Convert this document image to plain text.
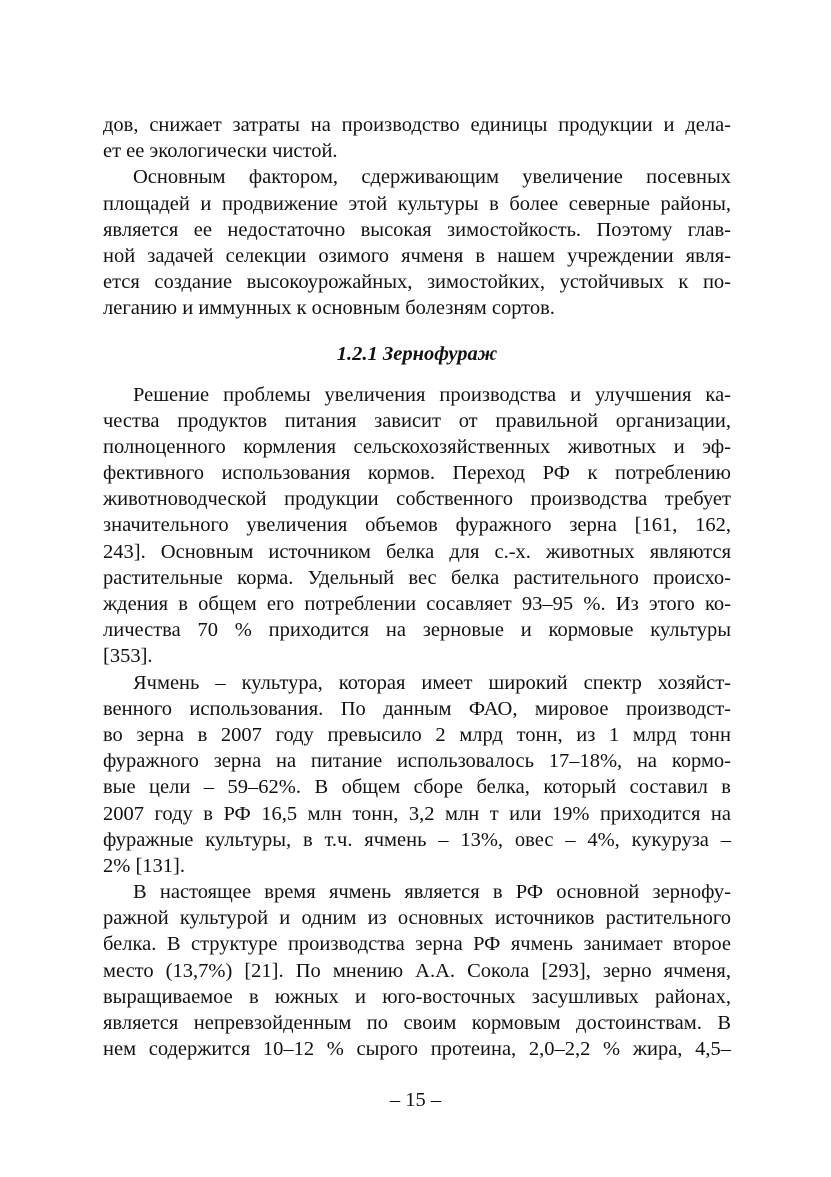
дов, снижает затраты на производство единицы продукции и дела-
ет ее экологически чистой.
Основным фактором, сдерживающим увеличение посевных
площадей и продвижение этой культуры в более северные районы,
является ее недостаточно высокая зимостойкость. Поэтому глав-
ной задачей селекции озимого ячменя в нашем учреждении явля-
ется создание высокоурожайных, зимостойких, устойчивых к по-
леганию и иммунных к основным болезням сортов.
1.2.1 Зернофураж
Решение проблемы увеличения производства и улучшения ка-
чества продуктов питания зависит от правильной организации,
полноценного кормления сельскохозяйственных животных и эф-
фективного использования кормов. Переход РФ к потреблению
животноводческой продукции собственного производства требует
значительного увеличения объемов фуражного зерна [161, 162,
243]. Основным источником белка для с.-х. животных являются
растительные корма. Удельный вес белка растительного происхо-
ждения в общем его потреблении сосавляет 93–95 %. Из этого ко-
личества 70 % приходится на зерновые и кормовые культуры
[353].
Ячмень – культура, которая имеет широкий спектр хозяйст-
венного использования. По данным ФАО, мировое производст-
во зерна в 2007 году превысило 2 млрд тонн, из 1 млрд тонн
фуражного зерна на питание использовалось 17–18%, на кормо-
вые цели – 59–62%. В общем сборе белка, который составил в
2007 году в РФ 16,5 млн тонн, 3,2 млн т или 19% приходится на
фуражные культуры, в т.ч. ячмень – 13%, овес – 4%, кукуруза –
2% [131].
В настоящее время ячмень является в РФ основной зернофу-
ражной культурой и одним из основных источников растительного
белка. В структуре производства зерна РФ ячмень занимает второе
место (13,7%) [21]. По мнению А.А. Сокола [293], зерно ячменя,
выращиваемое в южных и юго-восточных засушливых районах,
является непревзойденным по своим кормовым достоинствам. В
нем содержится 10–12 % сырого протеина, 2,0–2,2 % жира, 4,5–
– 15 –
